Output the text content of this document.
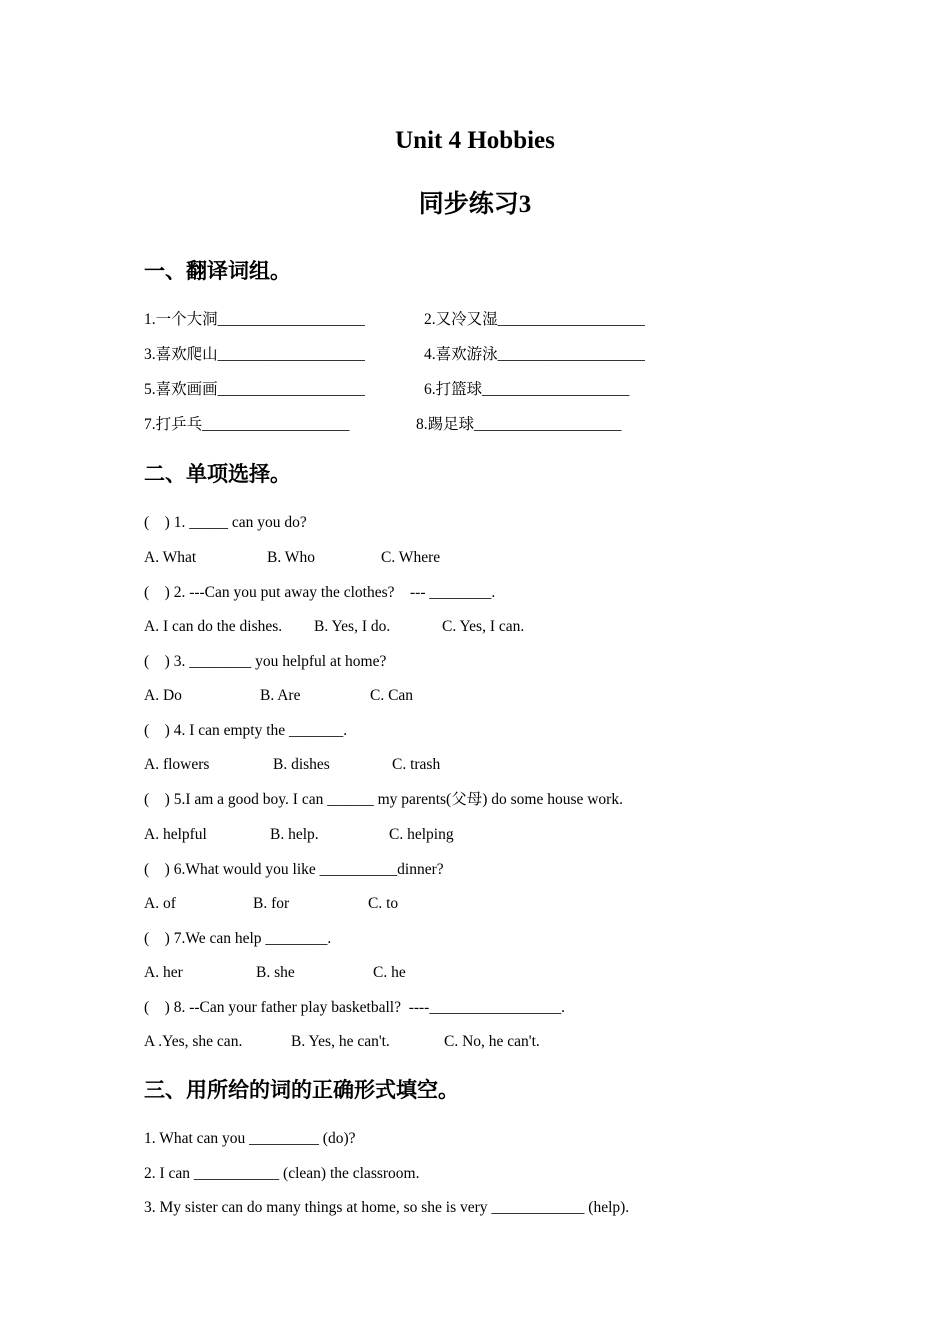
Unit 4 Hobbies
同步练习3
一、翻译词组。
1.一个大洞___________________	2.又冷又湿___________________
3.喜欢爬山___________________	4.喜欢游泳___________________
5.喜欢画画___________________	6.打篮球___________________
7.打乒乓___________________	8.踢足球___________________
二、单项选择。
(    ) 1. _____ can you do?
A. What	B. Who	C. Where
(    ) 2. ---Can you put away the clothes?    --- ________.
A. I can do the dishes. B. Yes, I do.	C. Yes, I can.
(    ) 3. ________ you helpful at home?
A. Do	B. Are	C. Can
(    ) 4. I can empty the _______.
A. flowers	B. dishes	C. trash
(    ) 5.I am a good boy. I can ______ my parents(父母) do some house work.
A. helpful	B. help.	C. helping
(    ) 6.What would you like __________dinner?
A. of	B. for	C. to
(    ) 7.We can help ________.
A. her	B. she	C. he
(    ) 8. --Can your father play basketball?  ----_________________.
A .Yes, she can.	B. Yes, he can't.	C. No, he can't.
三、用所给的词的正确形式填空。
1. What can you _________ (do)?
2. I can ___________ (clean) the classroom.
3. My sister can do many things at home, so she is very ____________ (help).
